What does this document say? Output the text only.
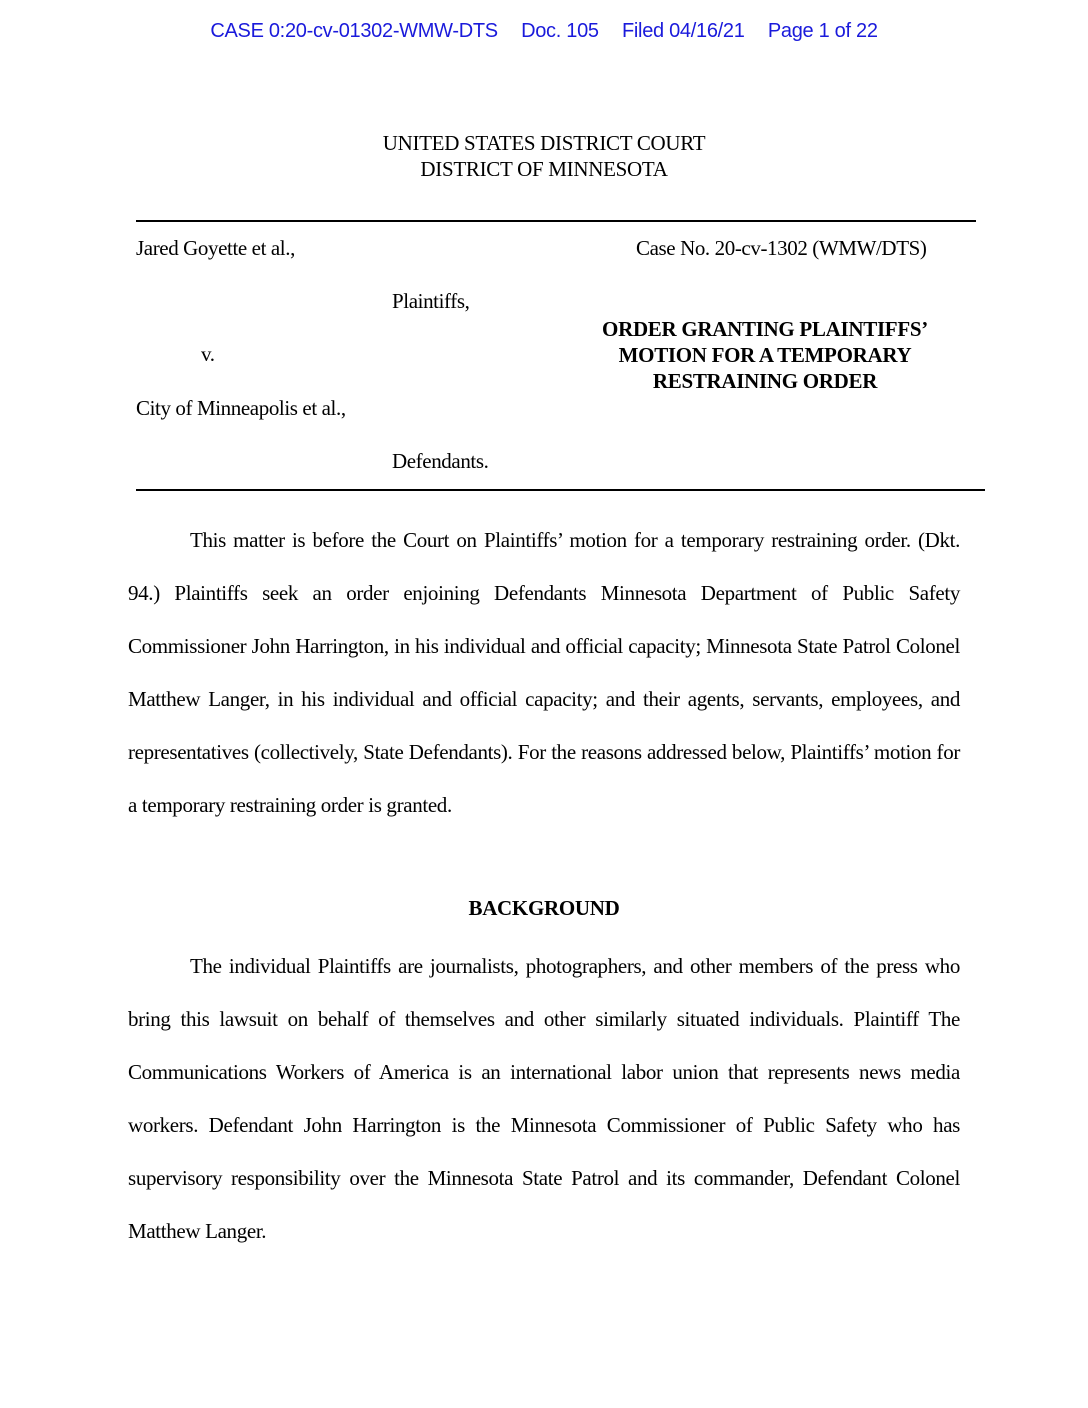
CASE 0:20-cv-01302-WMW-DTS Doc. 105 Filed 04/16/21 Page 1 of 22
UNITED STATES DISTRICT COURT
DISTRICT OF MINNESOTA
Jared Goyette et al.,	Case No. 20-cv-1302 (WMW/DTS)
Plaintiffs,
v.
City of Minneapolis et al.,
Defendants.
ORDER GRANTING PLAINTIFFS’
MOTION FOR A TEMPORARY
RESTRAINING ORDER
This matter is before the Court on Plaintiffs’ motion for a temporary restraining order. (Dkt. 94.) Plaintiffs seek an order enjoining Defendants Minnesota Department of Public Safety Commissioner John Harrington, in his individual and official capacity; Minnesota State Patrol Colonel Matthew Langer, in his individual and official capacity; and their agents, servants, employees, and representatives (collectively, State Defendants). For the reasons addressed below, Plaintiffs’ motion for a temporary restraining order is granted.
BACKGROUND
The individual Plaintiffs are journalists, photographers, and other members of the press who bring this lawsuit on behalf of themselves and other similarly situated individuals. Plaintiff The Communications Workers of America is an international labor union that represents news media workers. Defendant John Harrington is the Minnesota Commissioner of Public Safety who has supervisory responsibility over the Minnesota State Patrol and its commander, Defendant Colonel Matthew Langer.
